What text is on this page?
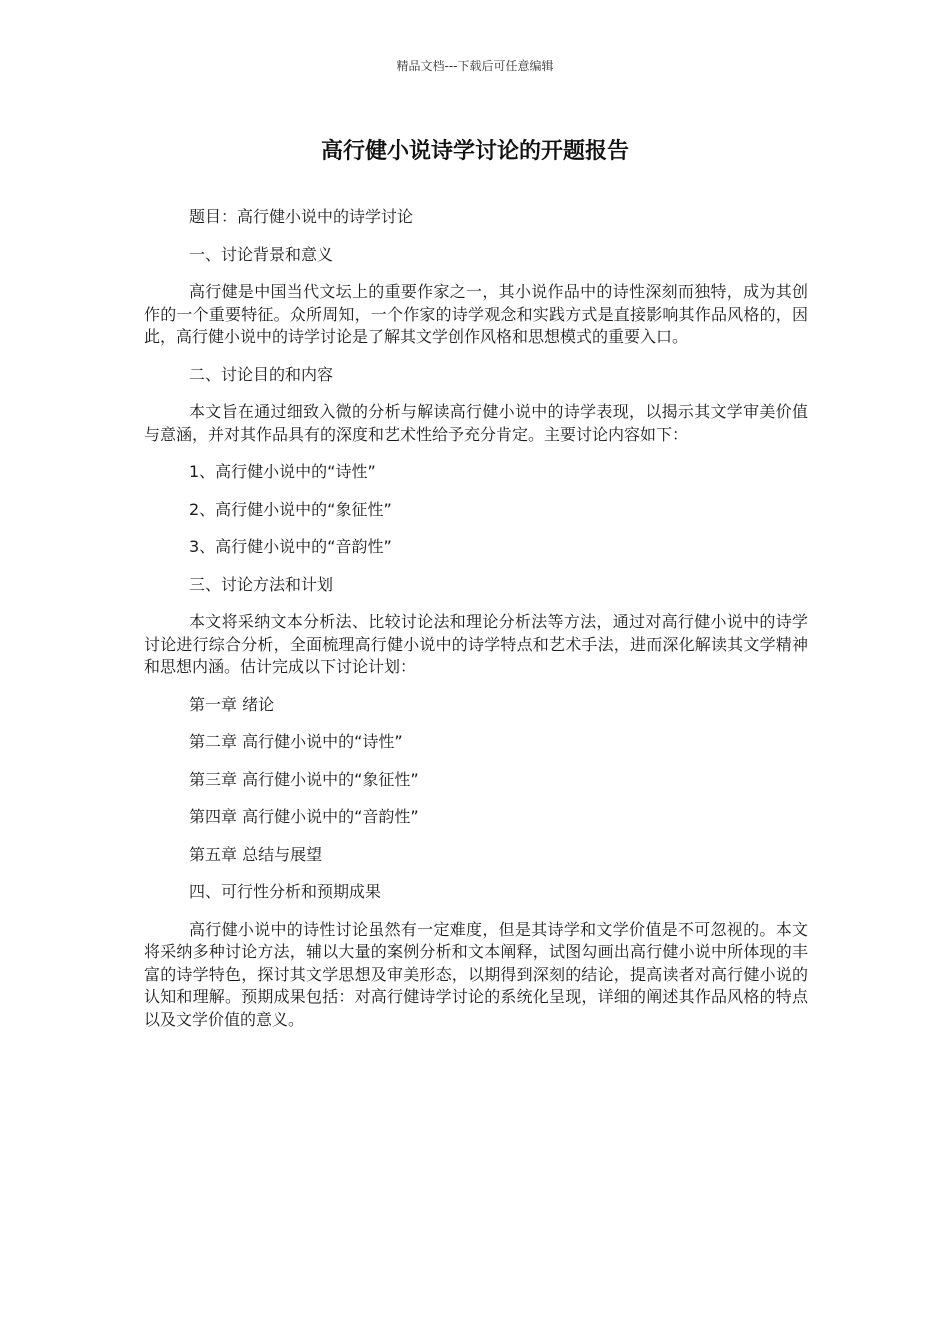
精品文档---下载后可任意编辑
高行健小说诗学讨论的开题报告

题目：高行健小说中的诗学讨论

一、讨论背景和意义

高行健是中国当代文坛上的重要作家之一，其小说作品中的诗性深刻而独特，成为其创作的一个重要特征。众所周知，一个作家的诗学观念和实践方式是直接影响其作品风格的，因此，高行健小说中的诗学讨论是了解其文学创作风格和思想模式的重要入口。

二、讨论目的和内容

本文旨在通过细致入微的分析与解读高行健小说中的诗学表现，以揭示其文学审美价值与意涵，并对其作品具有的深度和艺术性给予充分肯定。主要讨论内容如下：

1、高行健小说中的“诗性”

2、高行健小说中的“象征性”

3、高行健小说中的“音韵性”

三、讨论方法和计划

本文将采纳文本分析法、比较讨论法和理论分析法等方法，通过对高行健小说中的诗学讨论进行综合分析，全面梳理高行健小说中的诗学特点和艺术手法，进而深化解读其文学精神和思想内涵。估计完成以下讨论计划：

第一章 绪论

第二章 高行健小说中的“诗性”

第三章 高行健小说中的“象征性”

第四章 高行健小说中的“音韵性”

第五章 总结与展望

四、可行性分析和预期成果

高行健小说中的诗性讨论虽然有一定难度，但是其诗学和文学价值是不可忽视的。本文将采纳多种讨论方法，辅以大量的案例分析和文本阐释，试图勾画出高行健小说中所体现的丰富的诗学特色，探讨其文学思想及审美形态，以期得到深刻的结论，提高读者对高行健小说的认知和理解。预期成果包括：对高行健诗学讨论的系统化呈现，详细的阐述其作品风格的特点以及文学价值的意义。
